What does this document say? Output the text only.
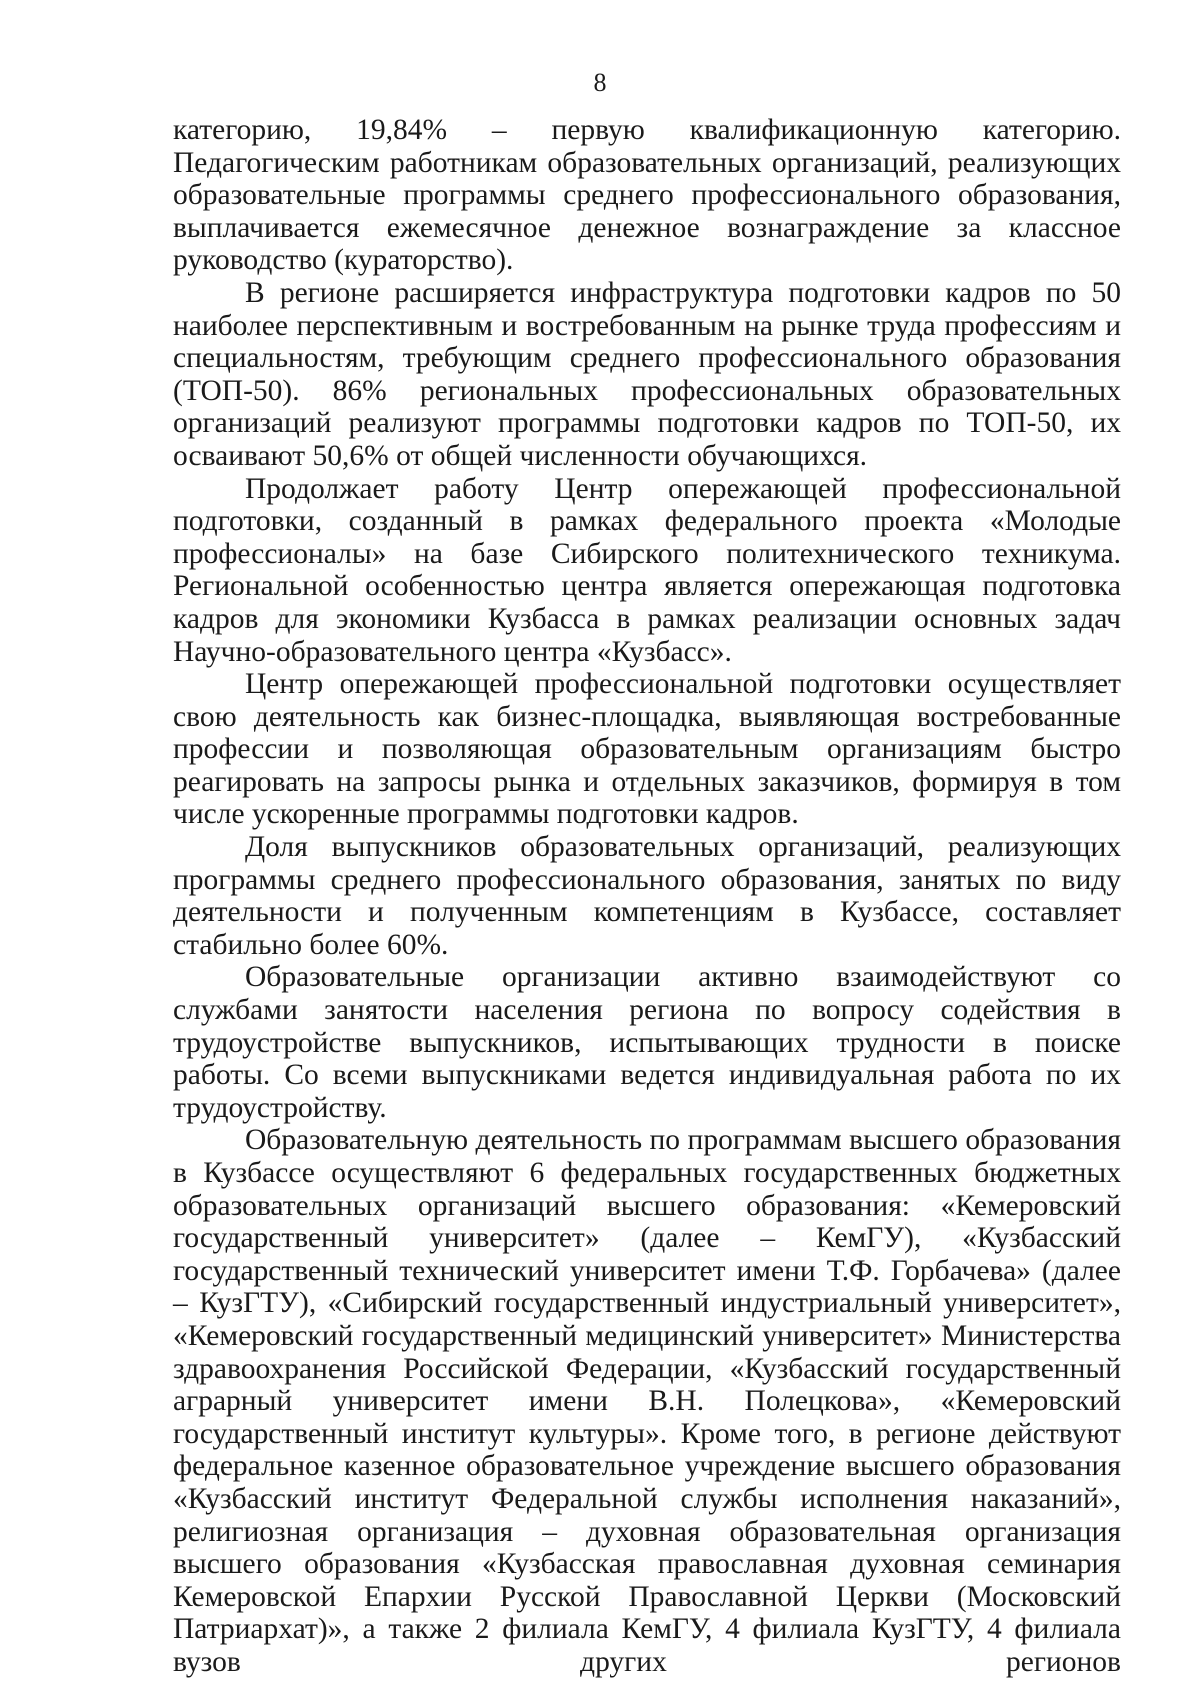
8

категорию, 19,84% – первую квалификационную категорию. Педагогическим работникам образовательных организаций, реализующих образовательные программы среднего профессионального образования, выплачивается ежемесячное денежное вознаграждение за классное руководство (кураторство).

В регионе расширяется инфраструктура подготовки кадров по 50 наиболее перспективным и востребованным на рынке труда профессиям и специальностям, требующим среднего профессионального образования (ТОП-50). 86% региональных профессиональных образовательных организаций реализуют программы подготовки кадров по ТОП-50, их осваивают 50,6% от общей численности обучающихся.

Продолжает работу Центр опережающей профессиональной подготовки, созданный в рамках федерального проекта «Молодые профессионалы» на базе Сибирского политехнического техникума. Региональной особенностью центра является опережающая подготовка кадров для экономики Кузбасса в рамках реализации основных задач Научно-образовательного центра «Кузбасс».

Центр опережающей профессиональной подготовки осуществляет свою деятельность как бизнес-площадка, выявляющая востребованные профессии и позволяющая образовательным организациям быстро реагировать на запросы рынка и отдельных заказчиков, формируя в том числе ускоренные программы подготовки кадров.

Доля выпускников образовательных организаций, реализующих программы среднего профессионального образования, занятых по виду деятельности и полученным компетенциям в Кузбассе, составляет стабильно более 60%.

Образовательные организации активно взаимодействуют со службами занятости населения региона по вопросу содействия в трудоустройстве выпускников, испытывающих трудности в поиске работы. Со всеми выпускниками ведется индивидуальная работа по их трудоустройству.

Образовательную деятельность по программам высшего образования в Кузбассе осуществляют 6 федеральных государственных бюджетных образовательных организаций высшего образования: «Кемеровский государственный университет» (далее – КемГУ), «Кузбасский государственный технический университет имени Т.Ф. Горбачева» (далее – КузГТУ), «Сибирский государственный индустриальный университет», «Кемеровский государственный медицинский университет» Министерства здравоохранения Российской Федерации, «Кузбасский государственный аграрный университет имени В.Н. Полецкова», «Кемеровский государственный институт культуры». Кроме того, в регионе действуют федеральное казенное образовательное учреждение высшего образования «Кузбасский институт Федеральной службы исполнения наказаний», религиозная организация – духовная образовательная организация высшего образования «Кузбасская православная духовная семинария Кемеровской Епархии Русской Православной Церкви (Московский Патриархат)», а также 2 филиала КемГУ, 4 филиала КузГТУ, 4 филиала вузов других регионов
